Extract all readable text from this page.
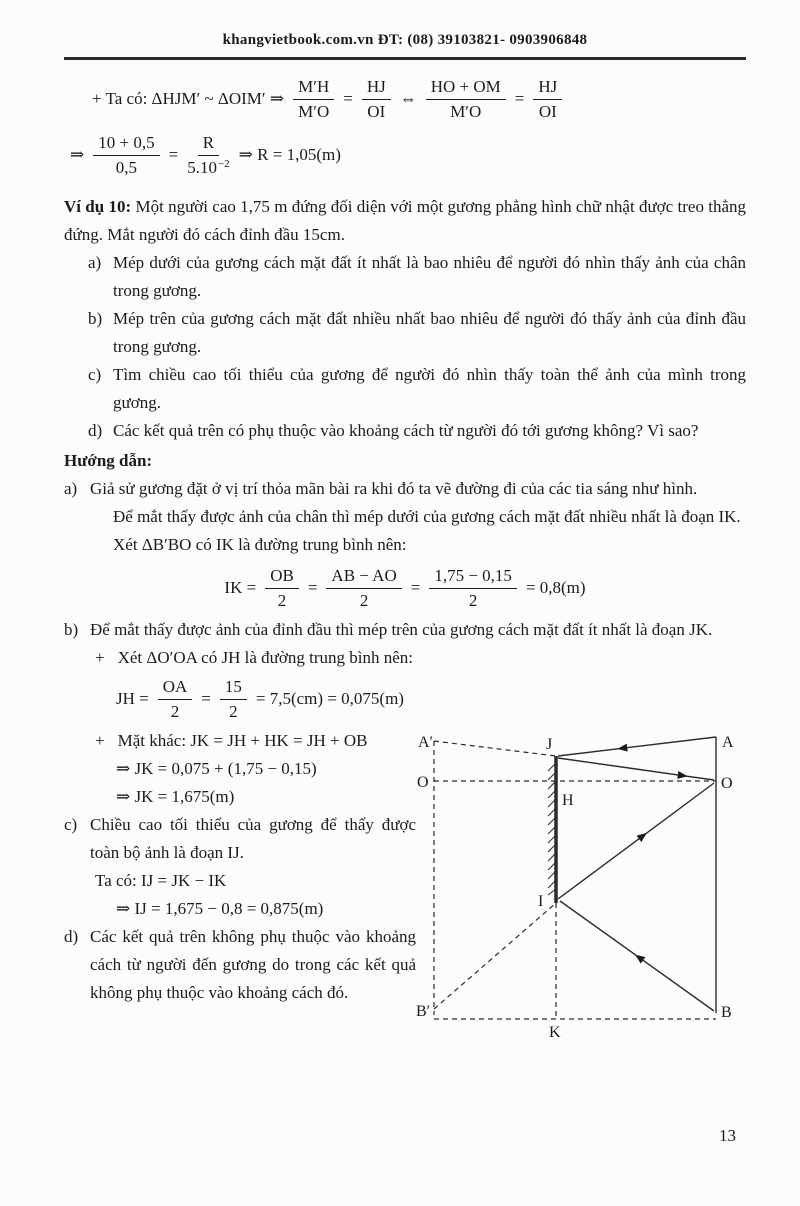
khangvietbook.com.vn ĐT: (08) 39103821- 0903906848
+ Ta có: ΔHJM′ ~ ΔOIM′ ⇒ $\frac{M'H}{M'O} = \frac{HJ}{OI}$ ⇔ $\frac{HO + OM}{M'O} = \frac{HJ}{OI}$
⇒ $\frac{10 + 0,5}{0,5} = \frac{R}{5.10^{-2}}$ ⇒ R = 1,05(m)

Ví dụ 10: Một người cao 1,75 m đứng đối diện với một gương phẳng hình chữ nhật được treo thẳng đứng. Mắt người đó cách đỉnh đầu 15cm.

a) Mép dưới của gương cách mặt đất ít nhất là bao nhiêu để người đó nhìn thấy ảnh của chân trong gương.
b) Mép trên của gương cách mặt đất nhiều nhất bao nhiêu để người đó thấy ảnh của đỉnh đầu trong gương.
c) Tìm chiều cao tối thiểu của gương để người đó nhìn thấy toàn thể ảnh của mình trong gương.
d) Các kết quả trên có phụ thuộc vào khoảng cách từ người đó tới gương không? Vì sao?
Hướng dẫn:
a) Giả sử gương đặt ở vị trí thỏa mãn bài ra khi đó ta vẽ đường đi của các tia sáng như hình.
Để mắt thấy được ảnh của chân thì mép dưới của gương cách mặt đất nhiều nhất là đoạn IK.
Xét ΔB′BO có IK là đường trung bình nên:
IK = $\frac{OB}{2} = \frac{AB - AO}{2} = \frac{1,75 - 0,15}{2} = 0,8(m)$
b) Để mắt thấy được ảnh của đỉnh đầu thì mép trên của gương cách mặt đất ít nhất là đoạn JK.
+ Xét ΔO′OA có JH là đường trung bình nên:
JH = $\frac{OA}{2} = \frac{15}{2} = 7,5(cm) = 0,075(m)$
+ Mặt khác: JK = JH + HK = JH + OB
⇒ JK = 0,075 + (1,75 − 0,15)
⇒ JK = 1,675(m)
c) Chiều cao tối thiểu của gương để thấy được toàn bộ ảnh là đoạn IJ.
Ta có: IJ = JK − IK
⇒ IJ = 1,675 − 0,8 = 0,875(m)
d) Các kết quả trên không phụ thuộc vào khoảng cách từ người đến gương do trong các kết quả không phụ thuộc vào khoảng cách đó.
A′	J	A
O	O
H
I
B′	B
K
13
